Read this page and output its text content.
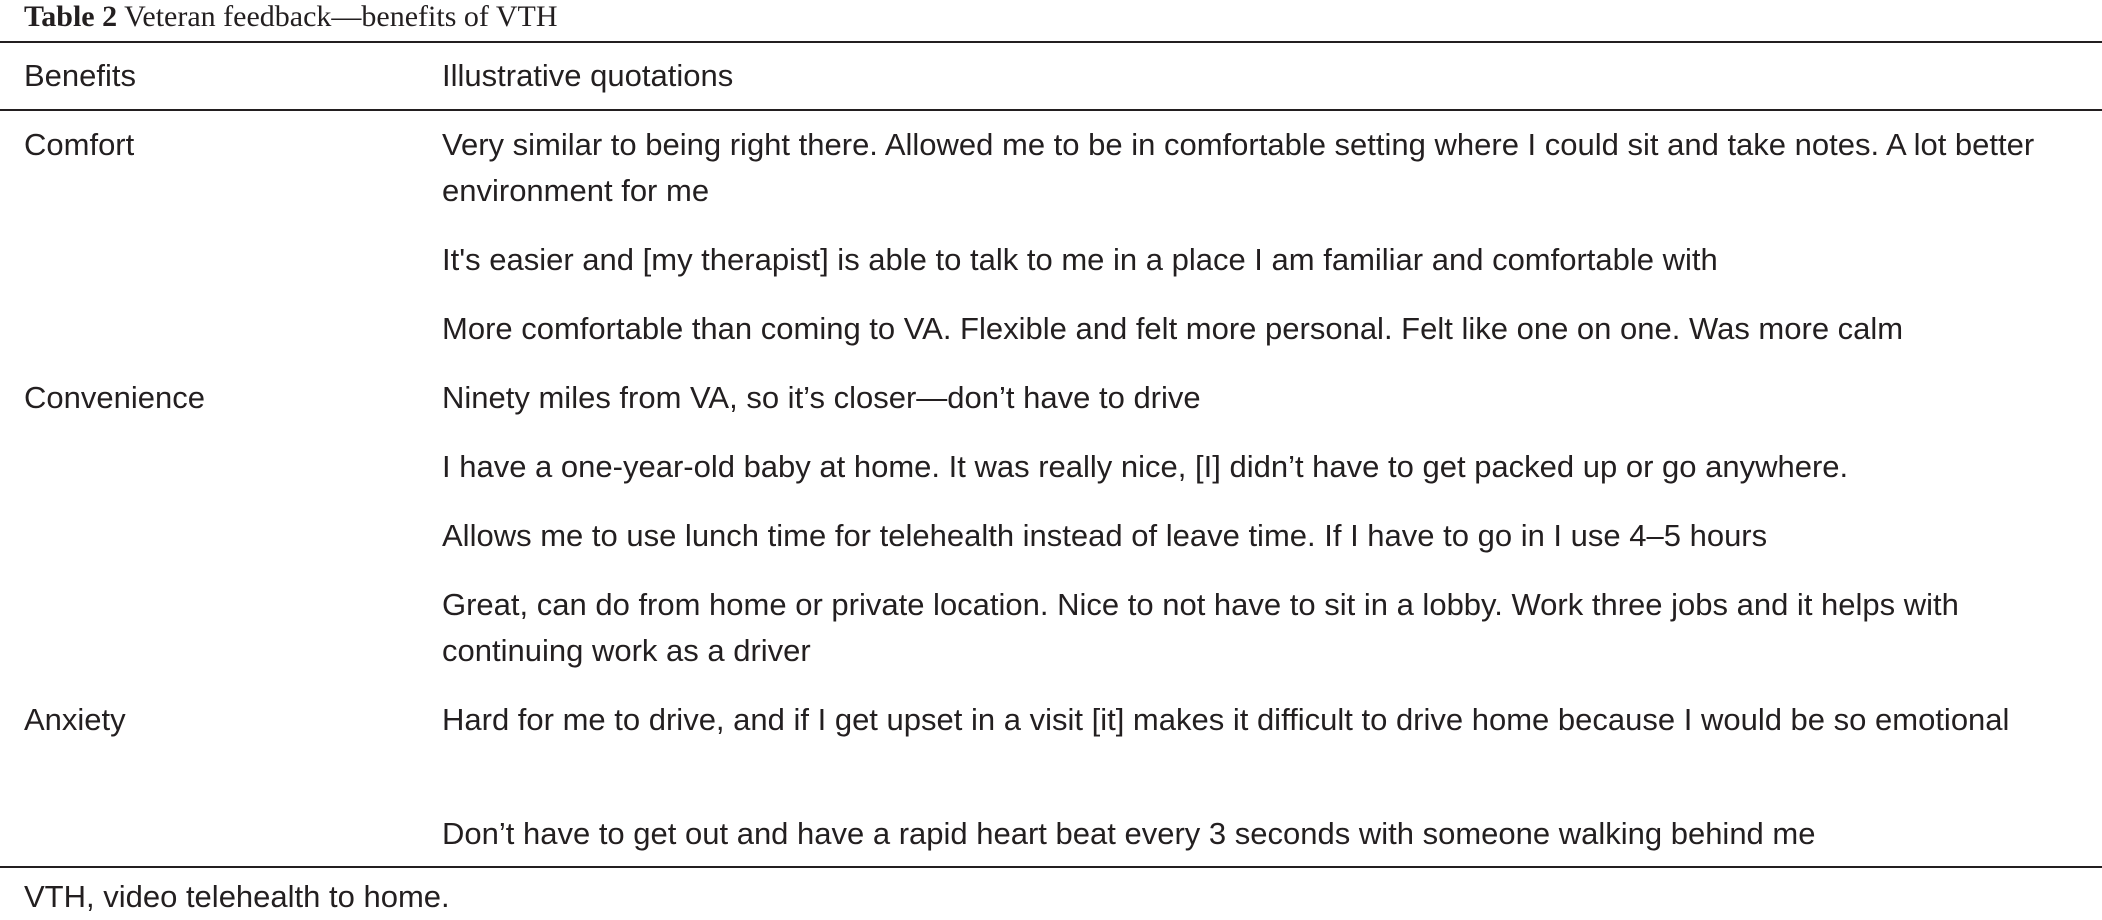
Table 2 Veteran feedback—benefits of VTH
Benefits	Illustrative quotations
Comfort	Very similar to being right there. Allowed me to be in comfortable setting where I could sit and take notes. A lot better environment for me
It's easier and [my therapist] is able to talk to me in a place I am familiar and comfortable with
More comfortable than coming to VA. Flexible and felt more personal. Felt like one on one. Was more calm
Convenience	Ninety miles from VA, so it’s closer—don’t have to drive
I have a one-year-old baby at home. It was really nice, [I] didn’t have to get packed up or go anywhere.
Allows me to use lunch time for telehealth instead of leave time. If I have to go in I use 4–5 hours
Great, can do from home or private location. Nice to not have to sit in a lobby. Work three jobs and it helps with continuing work as a driver
Anxiety	Hard for me to drive, and if I get upset in a visit [it] makes it difficult to drive home because I would be so emotional
Don’t have to get out and have a rapid heart beat every 3 seconds with someone walking behind me
VTH, video telehealth to home.
